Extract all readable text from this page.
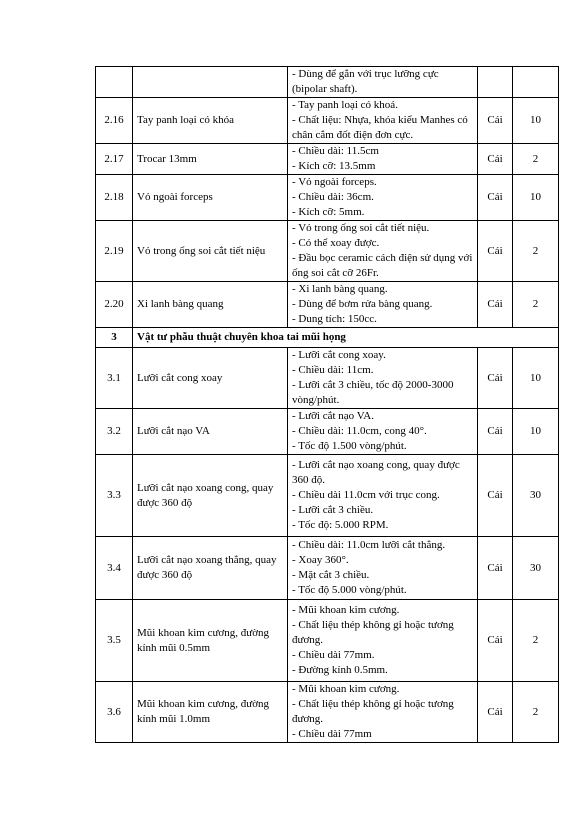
		- Dùng để gắn với trục lưỡng cực (bipolar shaft).		

2.16	Tay panh loại có khóa	- Tay panh loại có khoá.
- Chất liệu: Nhựa, khóa kiểu Manhes có chân cắm đốt điện đơn cực.	Cái	10
2.17	Trocar 13mm	- Chiều dài: 11.5cm
- Kích cỡ: 13.5mm	Cái	2
2.18	Vỏ ngoài forceps	- Vỏ ngoài forceps.
- Chiều dài: 36cm.
- Kích cỡ: 5mm.	Cái	10
2.19	Vỏ trong ống soi cắt tiết niệu	- Vỏ trong ống soi cắt tiết niệu.
- Có thể xoay được.
- Đầu bọc ceramic cách điện sử dụng với ống soi cắt cỡ 26Fr.	Cái	2
2.20	Xi lanh bàng quang	- Xi lanh bàng quang.
- Dùng để bơm rửa bàng quang.
- Dung tích: 150cc.	Cái	2
3	Vật tư phẫu thuật chuyên khoa tai mũi họng			
3.1	Lưỡi cắt cong xoay	- Lưỡi cắt cong xoay.
- Chiều dài: 11cm.
- Lưỡi cắt 3 chiều, tốc độ 2000-3000 vòng/phút.	Cái	10
3.2	Lưỡi cắt nạo VA	- Lưỡi cắt nạo VA.
- Chiều dài: 11.0cm, cong 40°.
- Tốc độ 1.500 vòng/phút.	Cái	10
3.3	Lưỡi cắt nạo xoang cong, quay được 360 độ	- Lưỡi cắt nạo xoang cong, quay được 360 độ.
- Chiều dài 11.0cm với trục cong.
- Lưỡi cắt 3 chiều.
- Tốc độ: 5.000 RPM.	Cái	30
3.4	Lưỡi cắt nạo xoang thẳng, quay được 360 độ	- Chiều dài: 11.0cm lưỡi cắt thẳng.
- Xoay 360°.
- Mặt cắt 3 chiều.
- Tốc độ 5.000 vòng/phút.	Cái	30
3.5	Mũi khoan kim cương, đường kính mũi 0.5mm	- Mũi khoan kim cương.
- Chất liệu thép không gỉ hoặc tương đương.
- Chiều dài 77mm.
- Đường kính 0.5mm.	Cái	2
3.6	Mũi khoan kim cương, đường kính mũi 1.0mm	- Mũi khoan kim cương.
- Chất liệu thép không gỉ hoặc tương đương.
- Chiều dài 77mm	Cái	2
